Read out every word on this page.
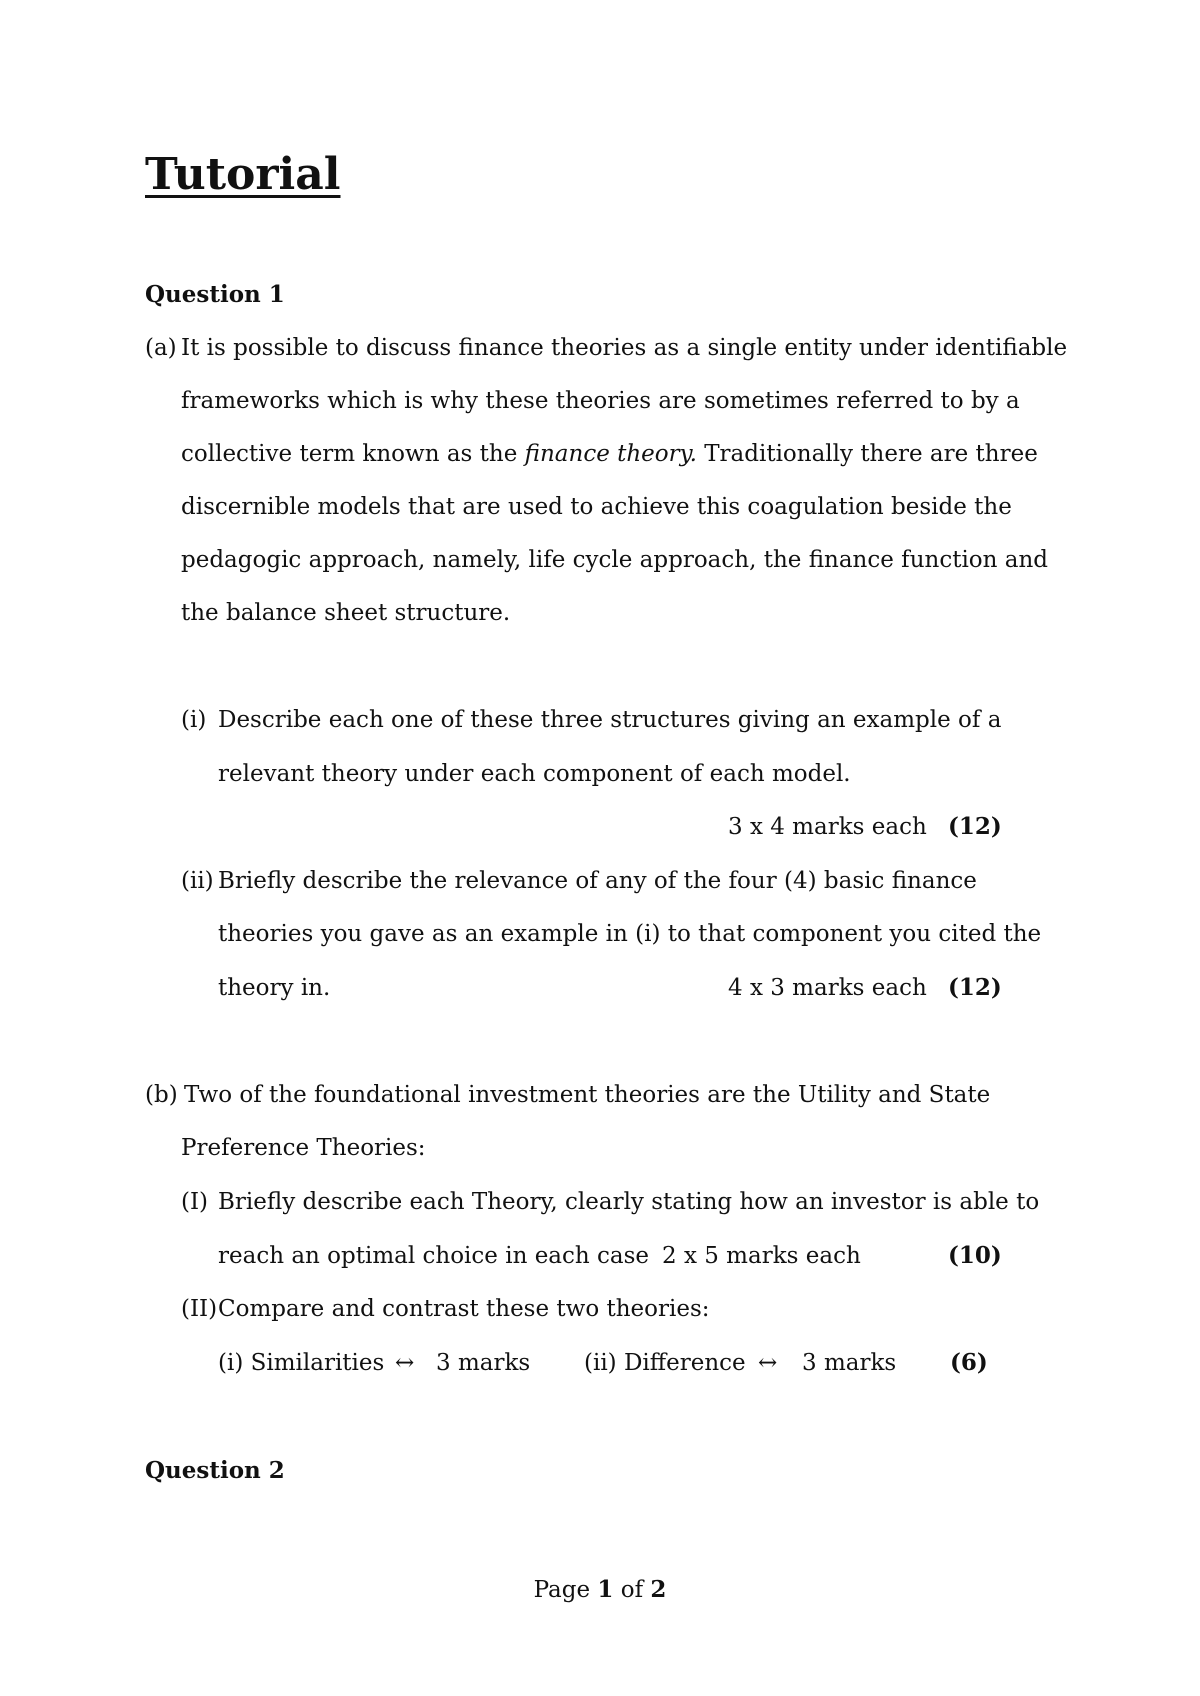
Tutorial
Question 1
(a) It is possible to discuss finance theories as a single entity under identifiable
frameworks which is why these theories are sometimes referred to by a
collective term known as the finance theory. Traditionally there are three
discernible models that are used to achieve this coagulation beside the
pedagogic approach, namely, life cycle approach, the finance function and
the balance sheet structure.
(i) Describe each one of these three structures giving an example of a
relevant theory under each component of each model.
3 x 4 marks each (12)
(ii) Briefly describe the relevance of any of the four (4) basic finance
theories you gave as an example in (i) to that component you cited the
theory in.	4 x 3 marks each (12)
(b) Two of the foundational investment theories are the Utility and State
Preference Theories:
(I) Briefly describe each Theory, clearly stating how an investor is able to
reach an optimal choice in each case 2 x 5 marks each	(10)
(II) Compare and contrast these two theories:
(i) Similarities ↔ 3 marks (ii) Difference ↔ 3 marks (6)
Question 2
Page 1 of 2
